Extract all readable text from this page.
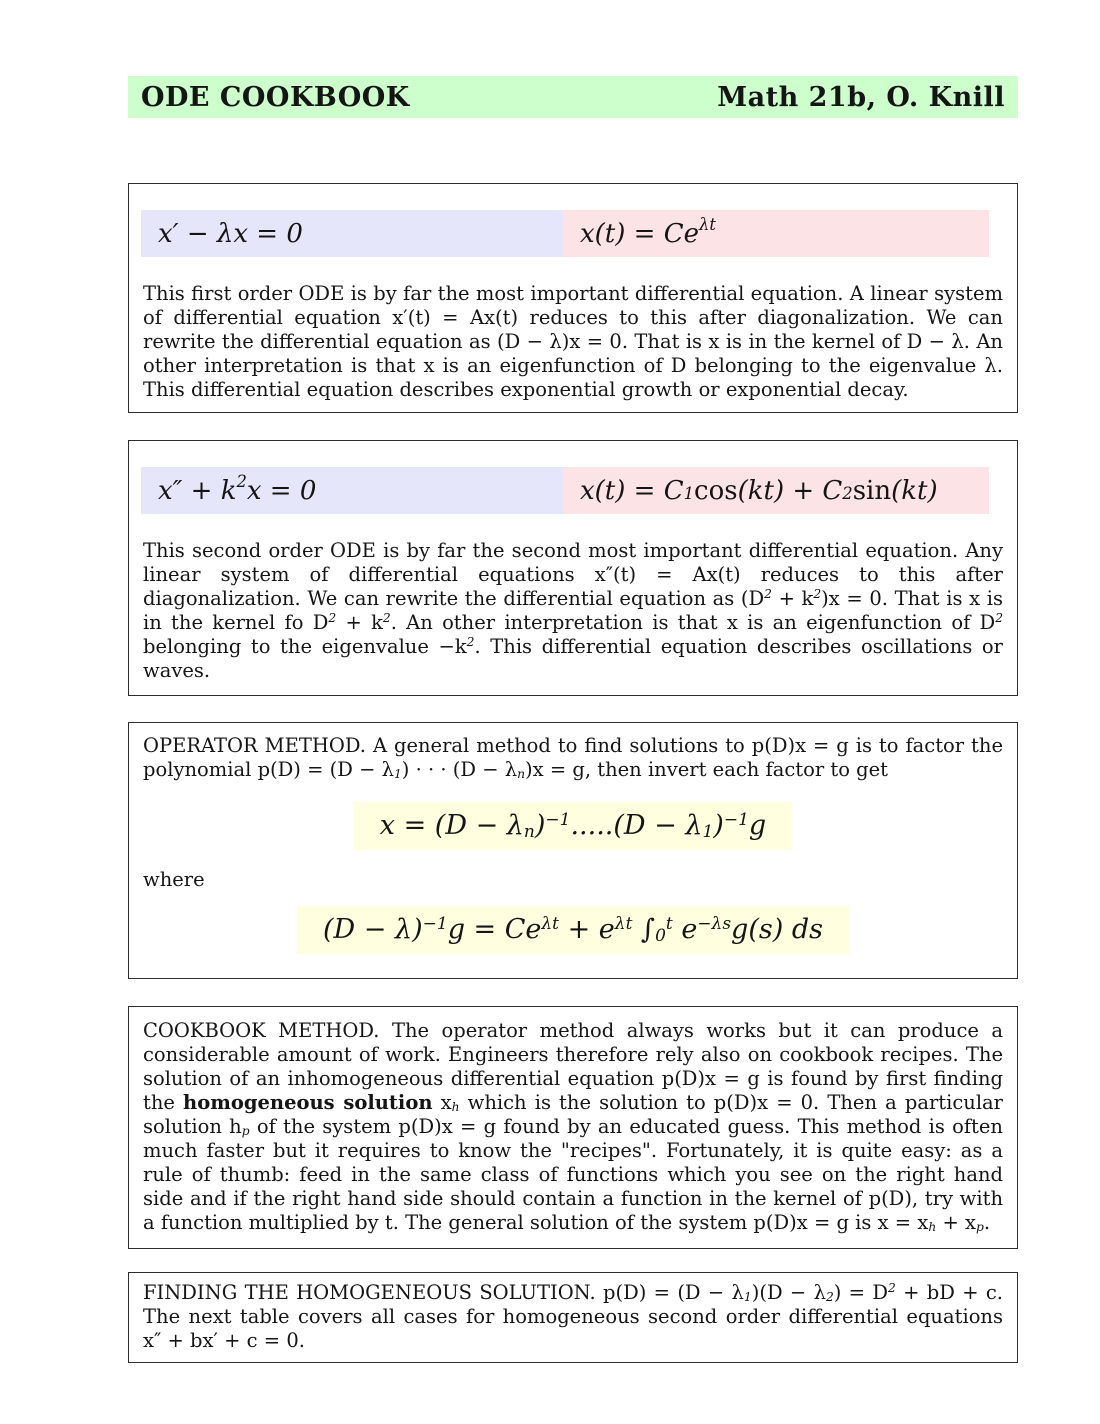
ODE COOKBOOK	Math 21b, O. Knill
x′ − λx = 0	$x(t) = Ce^{\lambda t}$

This first order ODE is by far the most important differential equation. A linear system of differential equation x′(t) = Ax(t) reduces to this after diagonalization. We can rewrite the differential equation as (D − λ)x = 0. That is x is in the kernel of D − λ. An other interpretation is that x is an eigenfunction of D belonging to the eigenvalue λ. This differential equation describes exponential growth or exponential decay.

$x'' + k^2$ x = 0	$x(t) = C_1$ $\cos (kt) + C_2$ sin (kt)

This second order ODE is by far the second most important differential equation. Any linear system of differential equations x″(t) = Ax(t) reduces to this after diagonalization. We can rewrite the differential equation as $(D^2 + k^2)x = 0$. That is x is in the kernel fo $D^2 + k^2$. An other interpretation is that x is an eigenfunction of $D^2$ belonging to the eigenvalue $-k^2$. This differential equation describes oscillations or waves.

OPERATOR METHOD. A general method to find solutions to p(D)x = g is to factor the polynomial $p(D) = (D - \lambda_1)$ · · · $(D - \lambda_n)x = g$, then invert each factor to get

$x = (D - \lambda_n)^{-1}.....(D - \lambda_1)^{-1}g$

where

$(D - \lambda)^{-1}g = Ce^{\lambda t} + e^{\lambda t}$ $\int_0^t$ $e^{-\lambda s}g(s)$ ds

COOKBOOK METHOD. The operator method always works but it can produce a considerable amount of work. Engineers therefore rely also on cookbook recipes. The solution of an inhomogeneous differential equation p(D)x = g is found by first finding the homogeneous solution $x_h$ which is the solution to p(D)x = 0. Then a particular solution $h_p$ of the system p(D)x = g found by an educated guess. This method is often much faster but it requires to know the "recipes". Fortunately, it is quite easy: as a rule of thumb: feed in the same class of functions which you see on the right hand side and if the right hand side should contain a function in the kernel of p(D), try with a function multiplied by t. The general solution of the system p(D)x = g is $x = x_h + x_p$.

FINDING THE HOMOGENEOUS SOLUTION. $p(D) = (D - \lambda_1)(D - \lambda_2) = D^2$ + bD + c. The next table covers all cases for homogeneous second order differential equations x″ + bx′ + c = 0.
